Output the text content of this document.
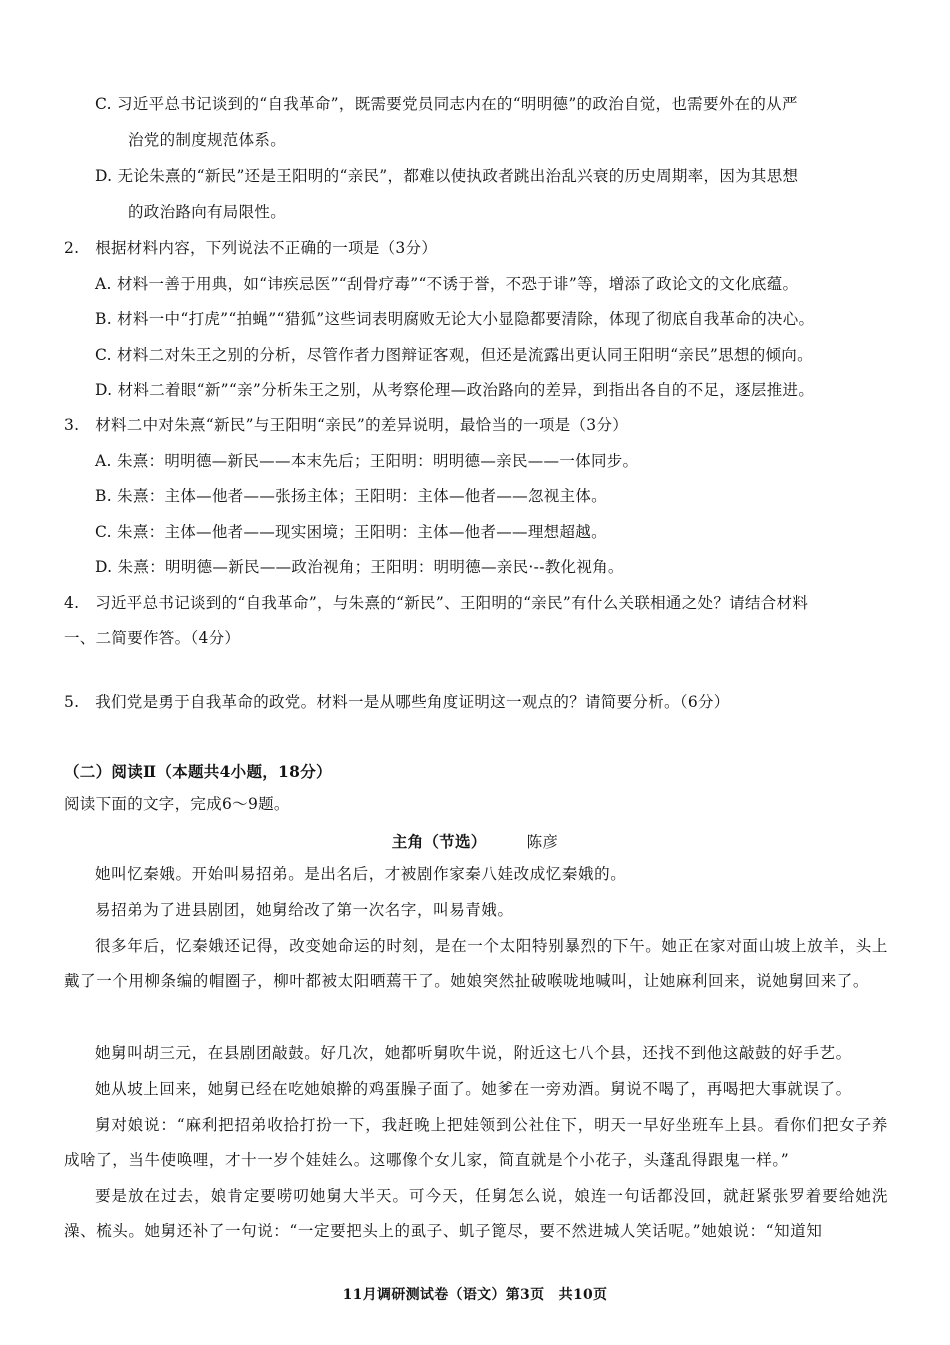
C. 习近平总书记谈到的“自我革命”，既需要党员同志内在的“明明德”的政治自觉，也需要外在的从严
治党的制度规范体系。
D. 无论朱熹的“新民”还是王阳明的“亲民”，都难以使执政者跳出治乱兴衰的历史周期率，因为其思想
的政治路向有局限性。
2.　根据材料内容，下列说法不正确的一项是（3分）
A. 材料一善于用典，如“讳疾忌医”“刮骨疗毒”“不诱于誉，不恐于诽”等，增添了政论文的文化底蕴。
B. 材料一中“打虎”“拍蝇”“猎狐”这些词表明腐败无论大小显隐都要清除，体现了彻底自我革命的决心。
C. 材料二对朱王之别的分析，尽管作者力图辩证客观，但还是流露出更认同王阳明“亲民”思想的倾向。
D. 材料二着眼“新”“亲”分析朱王之别，从考察伦理—政治路向的差异，到指出各自的不足，逐层推进。
3.　材料二中对朱熹“新民”与王阳明“亲民”的差异说明，最恰当的一项是（3分）
A. 朱熹：明明德—新民——本末先后；王阳明：明明德—亲民——一体同步。
B. 朱熹：主体—他者——张扬主体；王阳明：主体—他者——忽视主体。
C. 朱熹：主体—他者——现实困境；王阳明：主体—他者——理想超越。
D. 朱熹：明明德—新民——政治视角；王阳明：明明德—亲民·--教化视角。
4.　习近平总书记谈到的“自我革命”，与朱熹的“新民”、王阳明的“亲民”有什么关联相通之处？请结合材料
一、二简要作答。（4分）
5.　我们党是勇于自我革命的政党。材料一是从哪些角度证明这一观点的？请简要分析。（6分）
（二）阅读Ⅱ（本题共4小题，18分）
阅读下面的文字，完成6～9题。
主角（节选）	陈彦
她叫忆秦娥。开始叫易招弟。是出名后，才被剧作家秦八娃改成忆秦娥的。
易招弟为了进县剧团，她舅给改了第一次名字，叫易青娥。
很多年后，忆秦娥还记得，改变她命运的时刻，是在一个太阳特别暴烈的下午。她正在家对面山坡上放羊，头上戴了一个用柳条编的帽圈子，柳叶都被太阳晒蔫干了。她娘突然扯破喉咙地喊叫，让她麻利回来，说她舅回来了。
她舅叫胡三元，在县剧团敲鼓。好几次，她都听舅吹牛说，附近这七八个县，还找不到他这敲鼓的好手艺。
她从坡上回来，她舅已经在吃她娘擀的鸡蛋臊子面了。她爹在一旁劝酒。舅说不喝了，再喝把大事就误了。
舅对娘说：“麻利把招弟收拾打扮一下，我赶晚上把娃领到公社住下，明天一早好坐班车上县。看你们把女子养成啥了，当牛使唤哩，才十一岁个娃娃么。这哪像个女儿家，简直就是个小花子，头蓬乱得跟鬼一样。”
要是放在过去，娘肯定要唠叨她舅大半天。可今天，任舅怎么说，娘连一句话都没回，就赶紧张罗着要给她洗澡、梳头。她舅还补了一句说：“一定要把头上的虱子、虮子篦尽，要不然进城人笑话呢。”她娘说：“知道知
11月调研测试卷（语文）第3页　共10页
